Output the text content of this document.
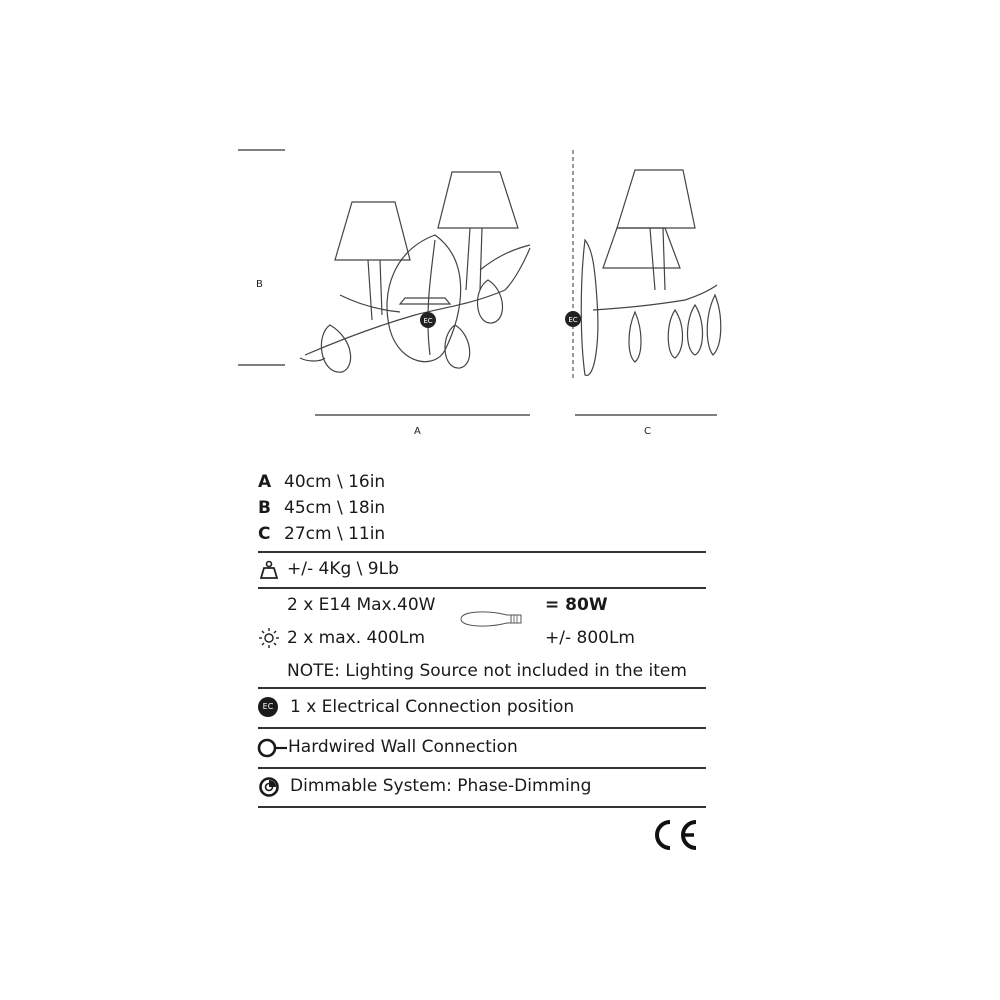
EC	EC
B
A	C
A 40cm \ 16in
B 45cm \ 18in
C 27cm \ 11in
+/- 4Kg \ 9Lb
2 x E14 Max.40W	= 80W
2 x max. 400Lm	+/- 800Lm
NOTE: Lighting Source not included in the item
EC 1 x Electrical Connection position
Hardwired Wall Connection
Dimmable System: Phase-Dimming
